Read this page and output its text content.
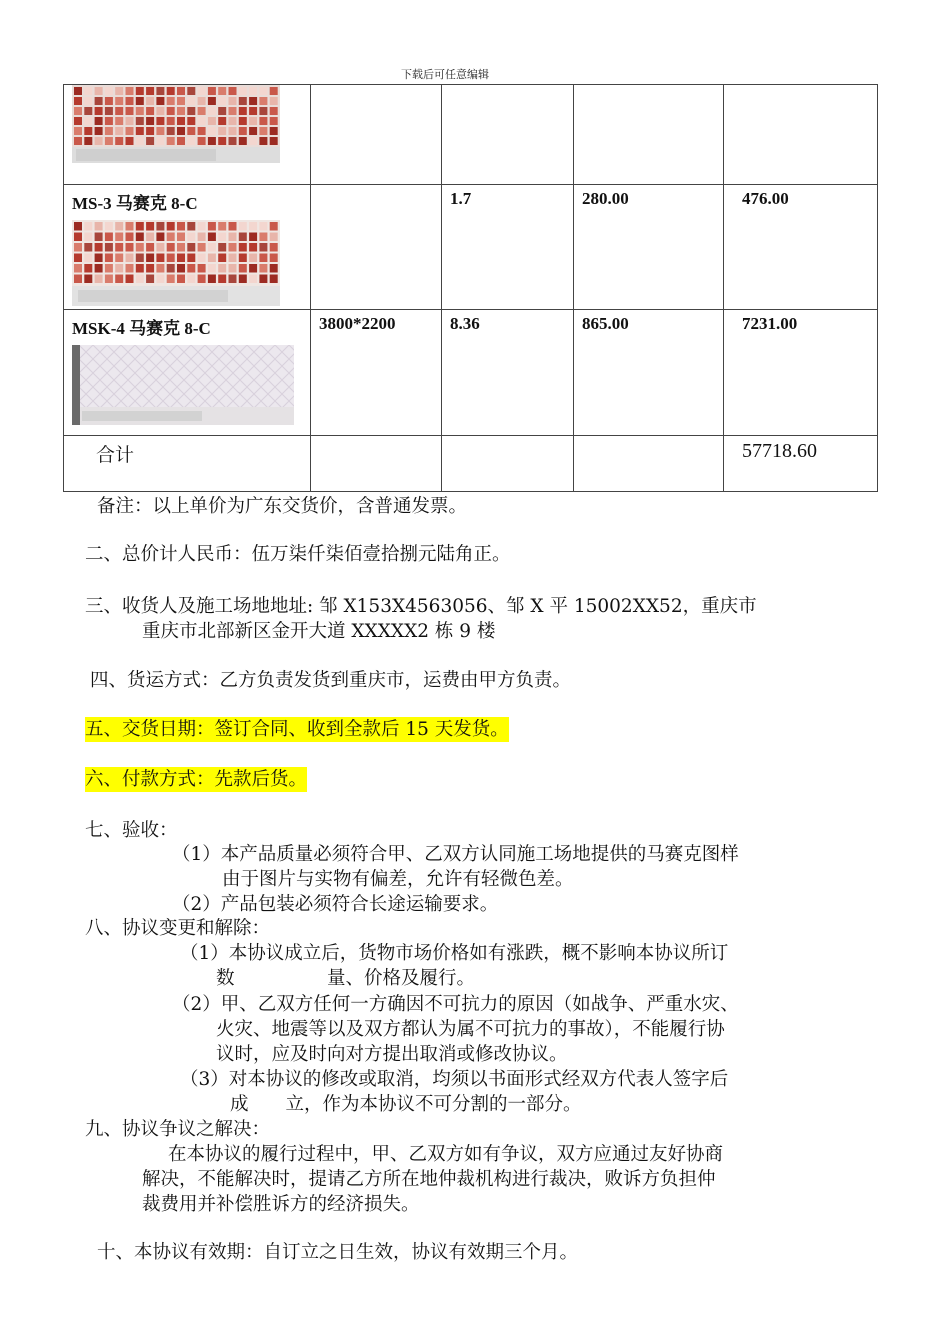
下载后可任意编辑

MS-3 马赛克 8-C		1.7	280.00	476.00

MSK-4 马赛克 8-C	3800*2200	8.36	865.00	7231.00

合计				57718.60
备注：以上单价为广东交货价，含普通发票。
二、总价计人民币：伍万柒仟柒佰壹拾捌元陆角正。
三、收货人及施工场地地址: 邹 X153X4563056、邹 X 平 15002XX52，重庆市
重庆市北部新区金开大道 XXXXX2 栋 9 楼
四、货运方式：乙方负责发货到重庆市，运费由甲方负责。
五、交货日期：签订合同、收到全款后 15 天发货。
六、付款方式：先款后货。
七、验收：
（1）本产品质量必须符合甲、乙双方认同施工场地提供的马赛克图样
由于图片与实物有偏差，允许有轻微色差。
（2）产品包装必须符合长途运输要求。
八、协议变更和解除：
（1）本协议成立后，货物市场价格如有涨跌，概不影响本协议所订
数　　　　　量、价格及履行。
（2）甲、乙双方任何一方确因不可抗力的原因（如战争、严重水灾、
火灾、地震等以及双方都认为属不可抗力的事故），不能履行协
议时，应及时向对方提出取消或修改协议。
（3）对本协议的修改或取消，均须以书面形式经双方代表人签字后
成　　立，作为本协议不可分割的一部分。
九、协议争议之解决：
在本协议的履行过程中，甲、乙双方如有争议，双方应通过友好协商
解决，不能解决时，提请乙方所在地仲裁机构进行裁决，败诉方负担仲
裁费用并补偿胜诉方的经济损失。
十、本协议有效期：自订立之日生效，协议有效期三个月。
